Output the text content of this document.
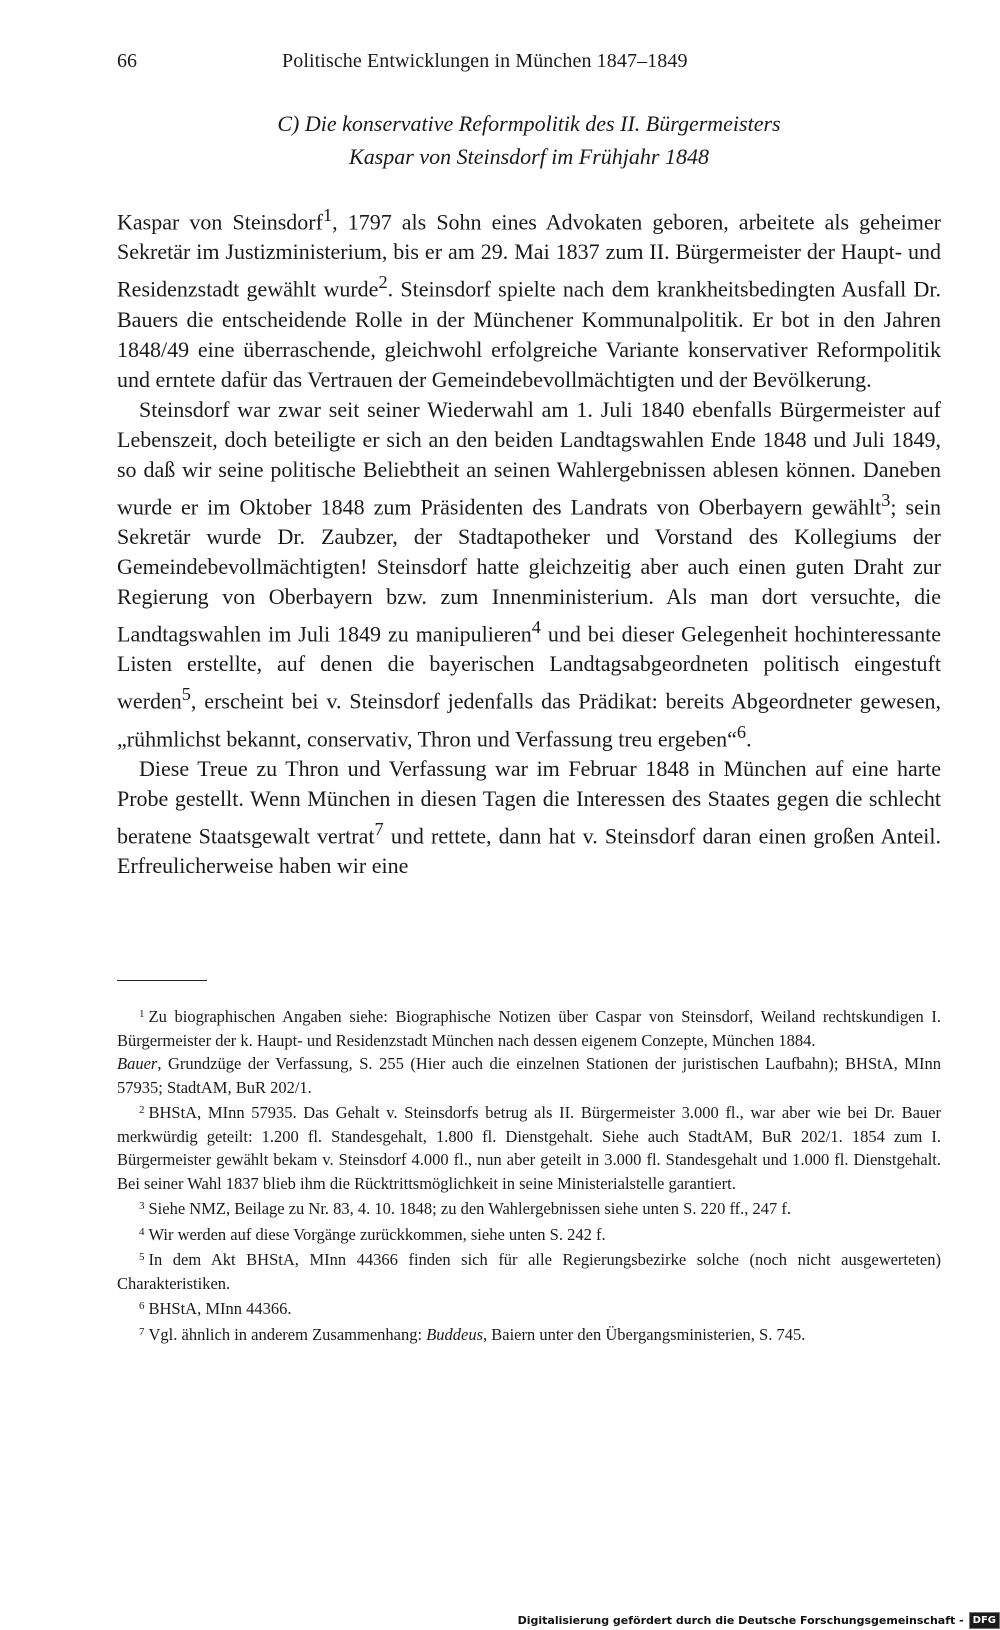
66	Politische Entwicklungen in München 1847–1849
C) Die konservative Reformpolitik des II. Bürgermeisters
Kaspar von Steinsdorf im Frühjahr 1848

Kaspar von Steinsdorf$^1$, 1797 als Sohn eines Advokaten geboren, arbeitete als geheimer Sekretär im Justizministerium, bis er am 29. Mai 1837 zum II. Bürgermeister der Haupt- und Residenzstadt gewählt wurde$^2$. Steinsdorf spielte nach dem krankheitsbedingten Ausfall Dr. Bauers die entscheidende Rolle in der Münchener Kommunalpolitik. Er bot in den Jahren 1848/49 eine überraschende, gleichwohl erfolgreiche Variante konservativer Reformpolitik und erntete dafür das Vertrauen der Gemeindebevollmächtigten und der Bevölkerung.

Steinsdorf war zwar seit seiner Wiederwahl am 1. Juli 1840 ebenfalls Bürgermeister auf Lebenszeit, doch beteiligte er sich an den beiden Landtagswahlen Ende 1848 und Juli 1849, so daß wir seine politische Beliebtheit an seinen Wahlergebnissen ablesen können. Daneben wurde er im Oktober 1848 zum Präsidenten des Landrats von Oberbayern gewählt$^3$; sein Sekretär wurde Dr. Zaubzer, der Stadtapotheker und Vorstand des Kollegiums der Gemeindebevollmächtigten! Steinsdorf hatte gleichzeitig aber auch einen guten Draht zur Regierung von Oberbayern bzw. zum Innenministerium. Als man dort versuchte, die Landtagswahlen im Juli 1849 zu manipulieren$^4$ und bei dieser Gelegenheit hochinteressante Listen erstellte, auf denen die bayerischen Landtagsabgeordneten politisch eingestuft werden$^5$, erscheint bei v. Steinsdorf jedenfalls das Prädikat: bereits Abgeordneter gewesen, „rühmlichst bekannt, conservativ, Thron und Verfassung treu ergeben“$^6$.

Diese Treue zu Thron und Verfassung war im Februar 1848 in München auf eine harte Probe gestellt. Wenn München in diesen Tagen die Interessen des Staates gegen die schlecht beratene Staatsgewalt vertrat$^7$ und rettete, dann hat v. Steinsdorf daran einen großen Anteil. Erfreulicherweise haben wir eine

$^1$ Zu biographischen Angaben siehe: Biographische Notizen über Caspar von Steinsdorf, Weiland rechtskundigen I. Bürgermeister der k. Haupt- und Residenzstadt München nach dessen eigenem Conzepte, München 1884.

Bauer, Grundzüge der Verfassung, S. 255 (Hier auch die einzelnen Stationen der juristischen Laufbahn); BHStA, MInn 57935; StadtAM, BuR 202/1.

$^2$ BHStA, MInn 57935. Das Gehalt v. Steinsdorfs betrug als II. Bürgermeister 3.000 fl., war aber wie bei Dr. Bauer merkwürdig geteilt: 1.200 fl. Standesgehalt, 1.800 fl. Dienstgehalt. Siehe auch StadtAM, BuR 202/1. 1854 zum I. Bürgermeister gewählt bekam v. Steinsdorf 4.000 fl., nun aber geteilt in 3.000 fl. Standesgehalt und 1.000 fl. Dienstgehalt. Bei seiner Wahl 1837 blieb ihm die Rücktrittsmöglichkeit in seine Ministerialstelle garantiert.

$^3$ Siehe NMZ, Beilage zu Nr. 83, 4. 10. 1848; zu den Wahlergebnissen siehe unten S. 220 ff., 247 f.

$^4$ Wir werden auf diese Vorgänge zurückkommen, siehe unten S. 242 f.

$^5$ In dem Akt BHStA, MInn 44366 finden sich für alle Regierungsbezirke solche (noch nicht ausgewerteten) Charakteristiken.

$^6$ BHStA, MInn 44366.

$^7$ Vgl. ähnlich in anderem Zusammenhang: Buddeus, Baiern unter den Übergangsministerien, S. 745.

Digitalisierung gefördert durch die Deutsche Forschungsgemeinschaft - DFG
